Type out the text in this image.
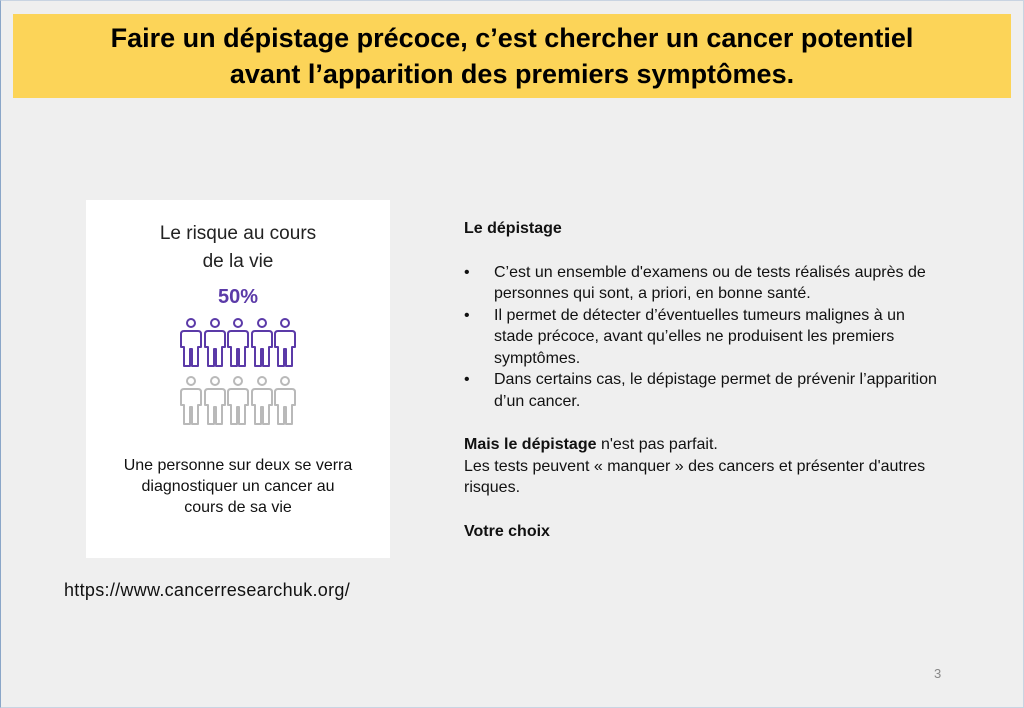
Faire un dépistage précoce, c’est chercher un cancer potentiel
avant l’apparition des premiers symptômes.
Le risque au cours
de la vie
50%
Une personne sur deux se verra
diagnostiquer un cancer au
cours de sa vie
https://www.cancerresearchuk.org/

Le dépistage

• C’est un ensemble d'examens ou de tests réalisés auprès de personnes qui sont, a priori, en bonne santé.
• Il permet de détecter d’éventuelles tumeurs malignes à un stade précoce, avant qu’elles ne produisent les premiers symptômes.
• Dans certains cas, le dépistage permet de prévenir l’apparition d’un cancer.
Mais le dépistage n'est pas parfait.
Les tests peuvent « manquer » des cancers et présenter d'autres risques.
Votre choix
3
